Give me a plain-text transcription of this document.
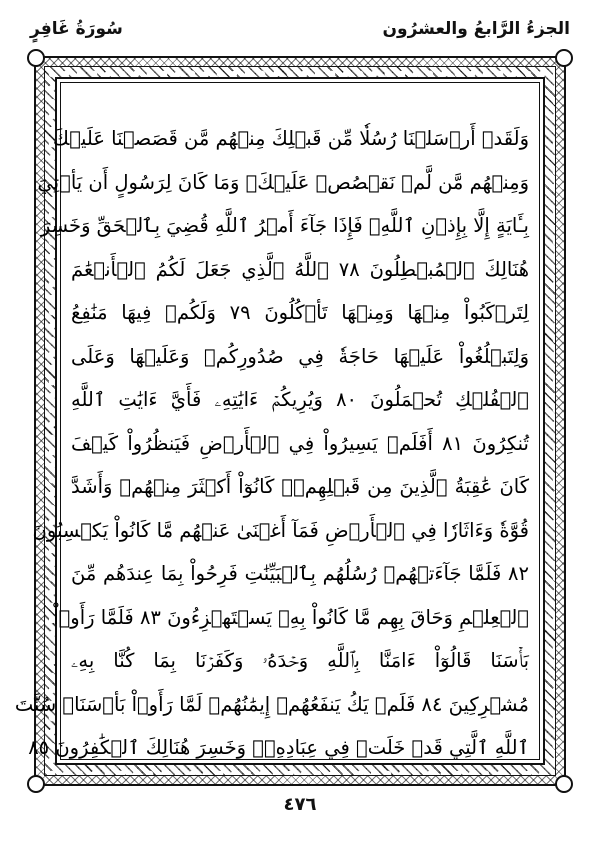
الجزءُ الرَّابعُ والعشرُون
سُورَةُ غَافِرٍ
وَلَقَدۡ أَرۡسَلۡنَا رُسُلٗا مِّن قَبۡلِكَ مِنۡهُم مَّن قَصَصۡنَا عَلَيۡكَ
وَمِنۡهُم مَّن لَّمۡ نَقۡصُصۡ عَلَيۡكَۗ وَمَا كَانَ لِرَسُولٍ أَن يَأۡتِيَ
بِـَٔايَةٍ إِلَّا بِإِذۡنِ ٱللَّهِۚ فَإِذَا جَآءَ أَمۡرُ ٱللَّهِ قُضِيَ بِٱلۡحَقِّ وَخَسِرَ
هُنَالِكَ ٱلۡمُبۡطِلُونَ ٧٨ ٱللَّهُ ٱلَّذِي جَعَلَ لَكُمُ ٱلۡأَنۡعَٰمَ
لِتَرۡكَبُواْ مِنۡهَا وَمِنۡهَا تَأۡكُلُونَ ٧٩ وَلَكُمۡ فِيهَا مَنَٰفِعُ
وَلِتَبۡلُغُواْ عَلَيۡهَا حَاجَةٗ فِي صُدُورِكُمۡ وَعَلَيۡهَا وَعَلَى
ٱلۡفُلۡكِ تُحۡمَلُونَ ٨٠ وَيُرِيكُمۡ ءَايَٰتِهِۦ فَأَيَّ ءَايَٰتِ ٱللَّهِ
تُنكِرُونَ ٨١ أَفَلَمۡ يَسِيرُواْ فِي ٱلۡأَرۡضِ فَيَنظُرُواْ كَيۡفَ
كَانَ عَٰقِبَةُ ٱلَّذِينَ مِن قَبۡلِهِمۡۚ كَانُوٓاْ أَكۡثَرَ مِنۡهُمۡ وَأَشَدَّ
قُوَّةٗ وَءَاثَارٗا فِي ٱلۡأَرۡضِ فَمَآ أَغۡنَىٰ عَنۡهُم مَّا كَانُواْ يَكۡسِبُونَ
٨٢ فَلَمَّا جَآءَتۡهُمۡ رُسُلُهُم بِٱلۡبَيِّنَٰتِ فَرِحُواْ بِمَا عِندَهُم مِّنَ
ٱلۡعِلۡمِ وَحَاقَ بِهِم مَّا كَانُواْ بِهِۦ يَسۡتَهۡزِءُونَ ٨٣ فَلَمَّا رَأَوۡاْ
بَأۡسَنَا قَالُوٓاْ ءَامَنَّا بِٱللَّهِ وَحۡدَهُۥ وَكَفَرۡنَا بِمَا كُنَّا بِهِۦ
مُشۡرِكِينَ ٨٤ فَلَمۡ يَكُ يَنفَعُهُمۡ إِيمَٰنُهُمۡ لَمَّا رَأَوۡاْ بَأۡسَنَاۖ سُنَّتَ
ٱللَّهِ ٱلَّتِي قَدۡ خَلَتۡ فِي عِبَادِهِۦۖ وَخَسِرَ هُنَالِكَ ٱلۡكَٰفِرُونَ ٨٥
٤٧٦
